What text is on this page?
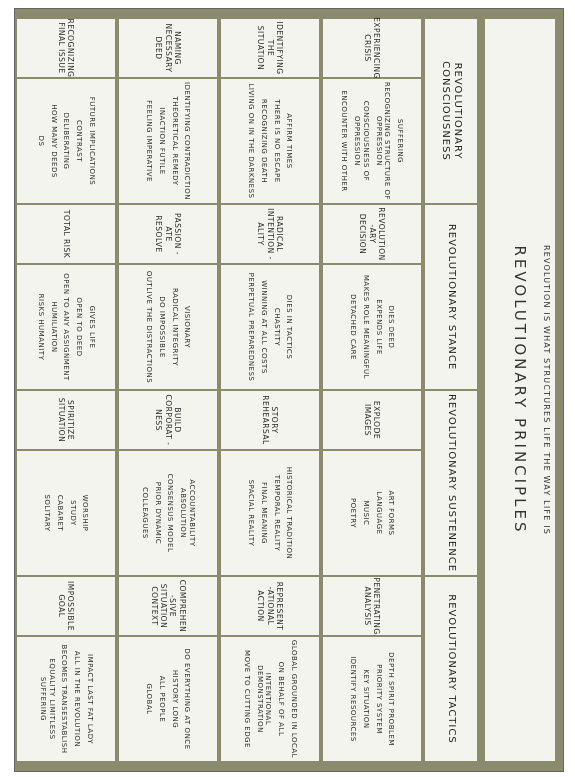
REVOLUTION IS WHAT STRUCTURES LIFE THE WAY LIFE IS
REVOLUTIONARY PRINCIPLES
REVOLUTIONARY CONSCIOUSNESS
REVOLUTIONARY STANCE
REVOLUTIONARY SUSTENENCE
REVOLUTIONARY TACTICS
EXPERIENCING CRISIS
SUFFERING
RECOGNIZING STRUCTURE OF OPPRESSION
CONSCIOUSNESS OF OPPRESSION
ENCOUNTER WITH OTHER
REVOLUTION -ARY DECISION
DIES DEED
EXPENDS LIFE
MAKES ROLE MEANINGFUL
DETACHED CARE
EXPLODE IMAGES
ART FORMS
LANGUAGE
MUSIC
POETRY
PENETRATING ANALYSIS
DEPTH SPIRIT PROBLEM
PRIORITY SYSTEM
KEY SITUATION
IDENTIFY RESOURCES
IDENTIFYING THE SITUATION
AFFIRM TIMES
THERE IS NO ESCAPE
RECOGNIZING DEATH
LIVING ON IN THE DARKNESS
RADICAL INTENTION -ALITY
DIES IN TACTICS
CHASTITY
WINNING AT ALL COSTS
PERPETUAL PREPAREDNESS
STORY REHEARSAL
HISTORICAL TRADITION
TEMPORAL REALITY
FINAL MEANING
SPACIAL REALITY
REPRESENT -ATIONAL ACTION
GLOBAL GROUNDED IN LOCAL
ON BEHALF OF ALL
INTENTIONAL DEMONSTRATION
MOVE TO CUTTING EDGE
NAMING NECESSARY DEED
IDENTIFYING CONTRADICTION
THEORETICAL REMEDY
INACTION FUTILE
FEELING IMPERATIVE
PASSION -ATE RESOLVE
VISIONARY
RADICAL INTEGRITY
DO IMPOSSIBLE
OUTLIVE THE DISTRACTIONS
BUILD CORPORAT -NESS
ACCOUNTABILITY ABSOLUTION
CONSENSUS MODEL
PRIOR DYNAMIC
COLLEAGUES
COMPREHEN -SIVE SITUATION CONTEXT
DO EVERYTHING AT ONCE
HISTORY LONG
ALL PEOPLE
GLOBAL
RECOGNIZING FINAL ISSUE
FUTURE IMPLICATIONS
CONTRAST
DELIBERATING
HOW MANY DEEDS
DS
TOTAL RISK
GIVES LIFE
OPEN TO DEED
OPEN TO ANY ASSIGNMENT
HUMILIATION
RISKS HUMANITY
SPIRITIZE SITUATION
WORSHIP
STUDY
CABARET
SOLITARY
IMPOSSIBLE GOAL
IMPACT LAST FAT LADY
ALL IN THE REVOLUTION
BECOMES TRANSESTABLISH
EQUALITY LIMITLESS SUFFERING
